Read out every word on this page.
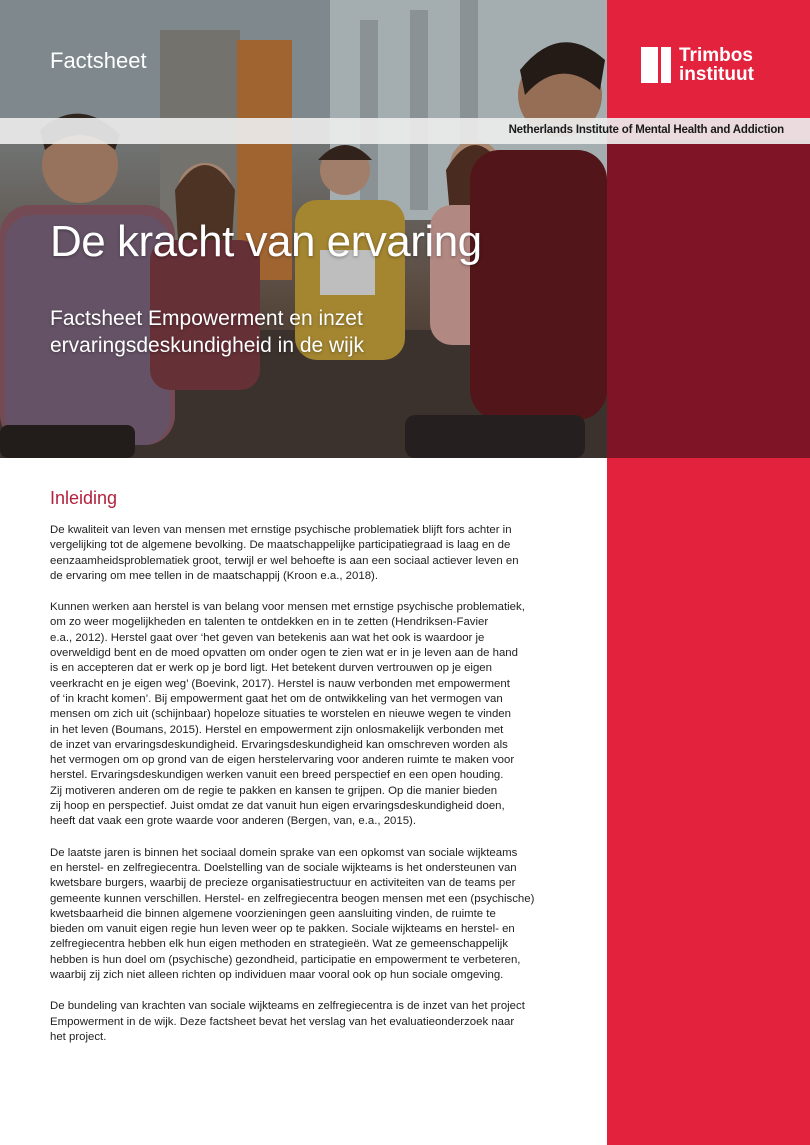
Netherlands Institute of Mental Health and Addiction
Factsheet	Trimbos
instituut
De kracht van ervaring
Factsheet Empowerment en inzet
ervaringsdeskundigheid in de wijk
Inleiding
De kwaliteit van leven van mensen met ernstige psychische problematiek blijft fors achter in
vergelijking tot de algemene bevolking. De maatschappelijke participatiegraad is laag en de
eenzaamheidsproblematiek groot, terwijl er wel behoefte is aan een sociaal actiever leven en
de ervaring om mee tellen in de maatschappij (Kroon e.a., 2018).
Kunnen werken aan herstel is van belang voor mensen met ernstige psychische problematiek,
om zo weer mogelijkheden en talenten te ontdekken en in te zetten (Hendriksen-Favier
e.a., 2012). Herstel gaat over ‘het geven van betekenis aan wat het ook is waardoor je
overweldigd bent en de moed opvatten om onder ogen te zien wat er in je leven aan de hand
is en accepteren dat er werk op je bord ligt. Het betekent durven vertrouwen op je eigen
veerkracht en je eigen weg’ (Boevink, 2017). Herstel is nauw verbonden met empowerment
of ‘in kracht komen’. Bij empowerment gaat het om de ontwikkeling van het vermogen van
mensen om zich uit (schijnbaar) hopeloze situaties te worstelen en nieuwe wegen te vinden
in het leven (Boumans, 2015). Herstel en empowerment zijn onlosmakelijk verbonden met
de inzet van ervaringsdeskundigheid. Ervaringsdeskundigheid kan omschreven worden als
het vermogen om op grond van de eigen herstelervaring voor anderen ruimte te maken voor
herstel. Ervaringsdeskundigen werken vanuit een breed perspectief en een open houding.
Zij motiveren anderen om de regie te pakken en kansen te grijpen. Op die manier bieden
zij hoop en perspectief. Juist omdat ze dat vanuit hun eigen ervaringsdeskundigheid doen,
heeft dat vaak een grote waarde voor anderen (Bergen, van, e.a., 2015).
De laatste jaren is binnen het sociaal domein sprake van een opkomst van sociale wijkteams
en herstel- en zelfregiecentra. Doelstelling van de sociale wijkteams is het ondersteunen van
kwetsbare burgers, waarbij de precieze organisatiestructuur en activiteiten van de teams per
gemeente kunnen verschillen. Herstel- en zelfregiecentra beogen mensen met een (psychische)
kwetsbaarheid die binnen algemene voorzieningen geen aansluiting vinden, de ruimte te
bieden om vanuit eigen regie hun leven weer op te pakken. Sociale wijkteams en herstel- en
zelfregiecentra hebben elk hun eigen methoden en strategieën. Wat ze gemeenschappelijk
hebben is hun doel om (psychische) gezondheid, participatie en empowerment te verbeteren,
waarbij zij zich niet alleen richten op individuen maar vooral ook op hun sociale omgeving.
De bundeling van krachten van sociale wijkteams en zelfregiecentra is de inzet van het project
Empowerment in de wijk. Deze factsheet bevat het verslag van het evaluatieonderzoek naar
het project.
